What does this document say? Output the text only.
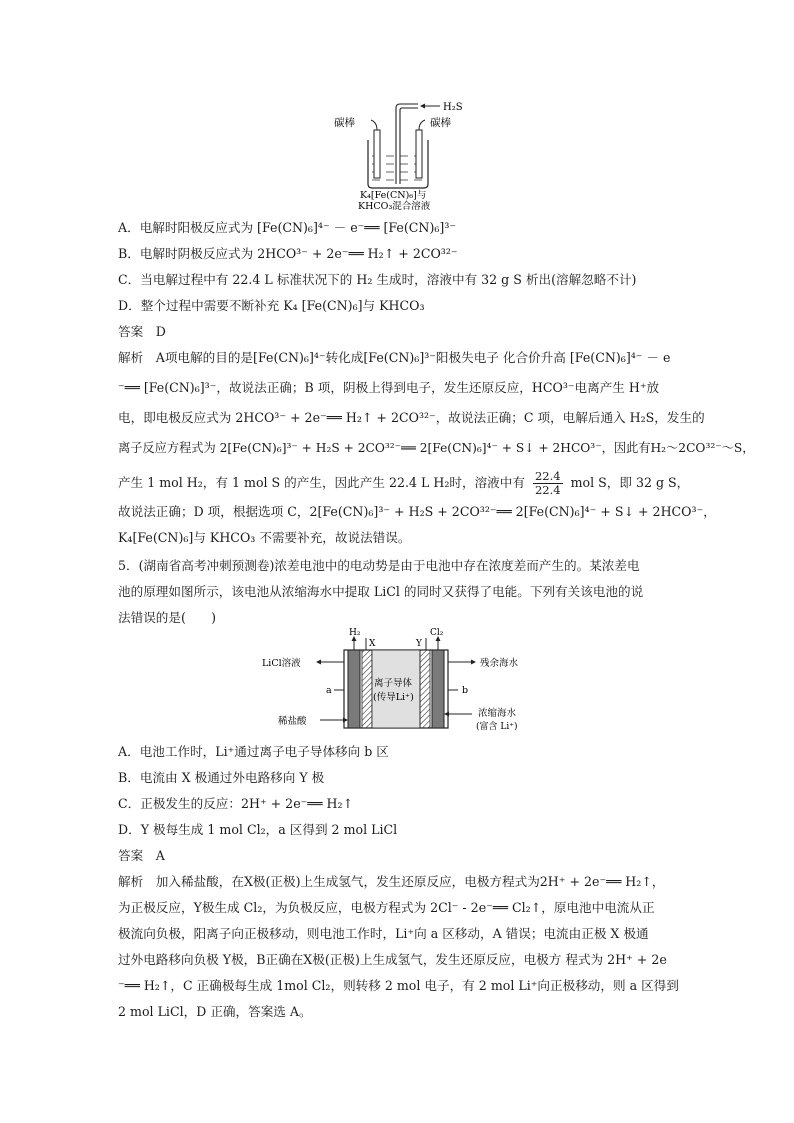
H₂S
碳棒	碳棒
K₄[Fe(CN)₆]与
KHCO₃混合溶液
A．电解时阳极反应式为 [Fe(CN)₆]⁴⁻ － e⁻══ [Fe(CN)₆]³⁻
B．电解时阴极反应式为 2HCO³⁻ + 2e⁻══ H₂↑ + 2CO³²⁻
C．当电解过程中有 22.4 L 标准状况下的 H₂ 生成时，溶液中有 32 g S 析出(溶解忽略不计)
D．整个过程中需要不断补充 K₄ [Fe(CN)₆]与 KHCO₃
答案　 D
解析　 A项电解的目的是[Fe(CN)₆]⁴⁻转化成[Fe(CN)₆]³⁻阳极失电子 化合价升高 [Fe(CN)₆]⁴⁻ － e
⁻══ [Fe(CN)₆]³⁻，故说法正确；B 项，阴极上得到电子，发生还原反应，HCO³⁻电离产生 H⁺放
电，即电极反应式为 2HCO³⁻ + 2e⁻══ H₂↑ + 2CO³²⁻，故说法正确；C 项，电解后通入 H₂S，发生的
离子反应方程式为 2[Fe(CN)₆]³⁻ + H₂S + 2CO³²⁻══ 2[Fe(CN)₆]⁴⁻ + S↓ + 2HCO³⁻，因此有H₂～2CO³²⁻～S，
产生 1 mol H₂，有 1 mol S 的产生，因此产生 22.4 L H₂时，溶液中有 $\frac{22.4}{22.4}$ mol S，即 32 g S，
故说法正确；D 项，根据选项 C，2[Fe(CN)₆]³⁻ + H₂S + 2CO³²⁻══ 2[Fe(CN)₆]⁴⁻ + S↓ + 2HCO³⁻，
K₄[Fe(CN)₆]与 KHCO₃ 不需要补充，故说法错误。
5．(湖南省高考冲刺预测卷)浓差电池中的电动势是由于电池中存在浓度差而产生的。某浓差电
池的原理如图所示，该电池从浓缩海水中提取 LiCl 的同时又获得了电能。下列有关该电池的说
法错误的是(　　)
H₂
X	Y
Cl₂
LiCl溶液	残余海水
a	b
离子导体
(传导Li⁺)
稀盐酸
浓缩海水
(富含 Li⁺)
A．电池工作时，Li⁺通过离子电子导体移向 b 区
B．电流由 X 极通过外电路移向 Y 极
C．正极发生的反应：2H⁺ + 2e⁻══ H₂↑
D．Y 极每生成 1 mol Cl₂，a 区得到 2 mol LiCl
答案　 A
解析　 加入稀盐酸，在X极(正极)上生成氢气，发生还原反应，电极方程式为2H⁺ + 2e⁻══ H₂↑，
为正极反应，Y极生成 Cl₂，为负极反应，电极方程式为 2Cl⁻ - 2e⁻══ Cl₂↑，原电池中电流从正
极流向负极，阳离子向正极移动，则电池工作时，Li⁺向 a 区移动，A 错误；电流由正极 X 极通
过外电路移向负极 Y极，B正确在X极(正极)上生成氢气，发生还原反应，电极方 程式为 2H⁺ + 2e
⁻══ H₂↑，C 正确极每生成 1mol Cl₂，则转移 2 mol 电子，有 2 mol Li⁺向正极移动，则 a 区得到
2 mol LiCl，D 正确，答案选 A。
